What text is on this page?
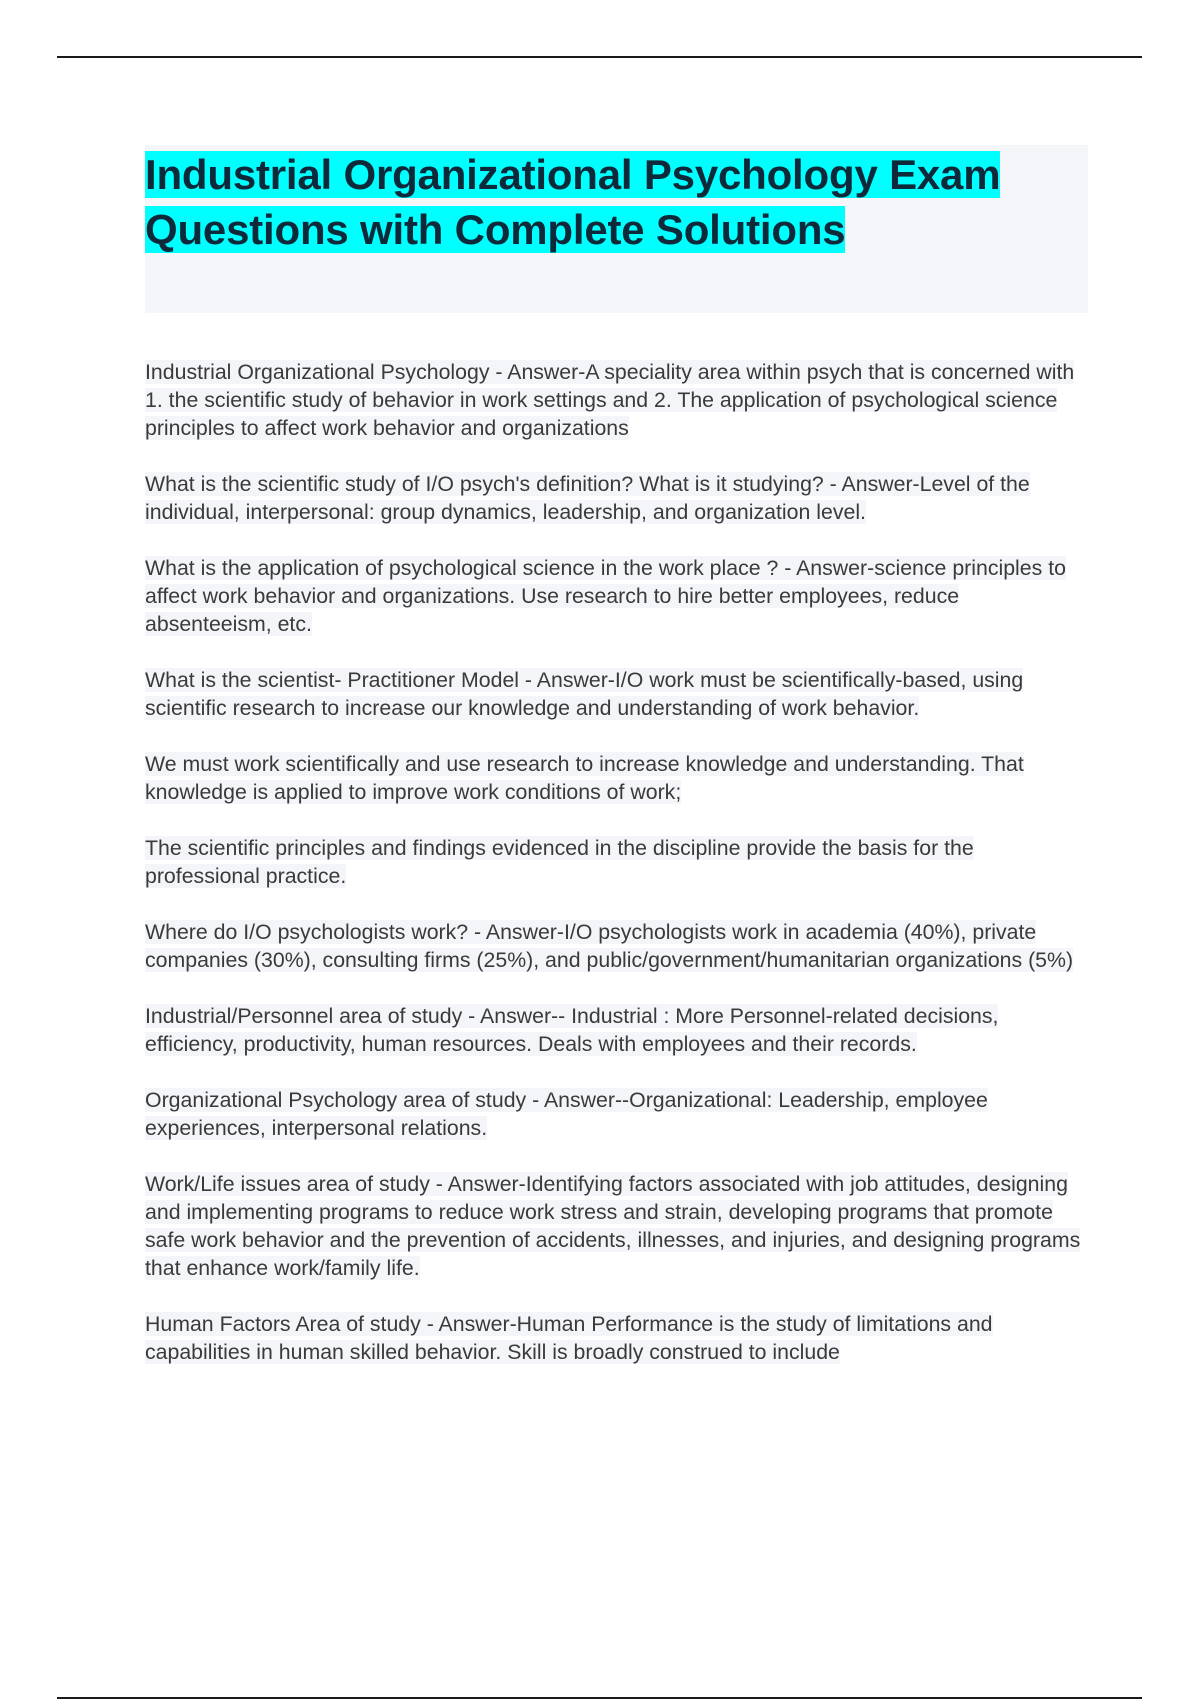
Industrial Organizational Psychology Exam Questions with Complete Solutions

Industrial Organizational Psychology - Answer-A speciality area within psych that is concerned with 1. the scientific study of behavior in work settings and 2. The application of psychological science principles to affect work behavior and organizations

What is the scientific study of I/O psych's definition? What is it studying? - Answer-Level of the individual, interpersonal: group dynamics, leadership, and organization level.

What is the application of psychological science in the work place ? - Answer-science principles to affect work behavior and organizations. Use research to hire better employees, reduce absenteeism, etc.

What is the scientist- Practitioner Model - Answer-I/O work must be scientifically-based, using scientific research to increase our knowledge and understanding of work behavior.

We must work scientifically and use research to increase knowledge and understanding. That knowledge is applied to improve work conditions of work;

The scientific principles and findings evidenced in the discipline provide the basis for the professional practice.

Where do I/O psychologists work? - Answer-I/O psychologists work in academia (40%), private companies (30%), consulting firms (25%), and public/government/humanitarian organizations (5%)

Industrial/Personnel area of study - Answer-- Industrial : More Personnel-related decisions, efficiency, productivity, human resources. Deals with employees and their records.

Organizational Psychology area of study - Answer--Organizational: Leadership, employee experiences, interpersonal relations.

Work/Life issues area of study - Answer-Identifying factors associated with job attitudes, designing and implementing programs to reduce work stress and strain, developing programs that promote safe work behavior and the prevention of accidents, illnesses, and injuries, and designing programs that enhance work/family life.

Human Factors Area of study - Answer-Human Performance is the study of limitations and capabilities in human skilled behavior. Skill is broadly construed to include
